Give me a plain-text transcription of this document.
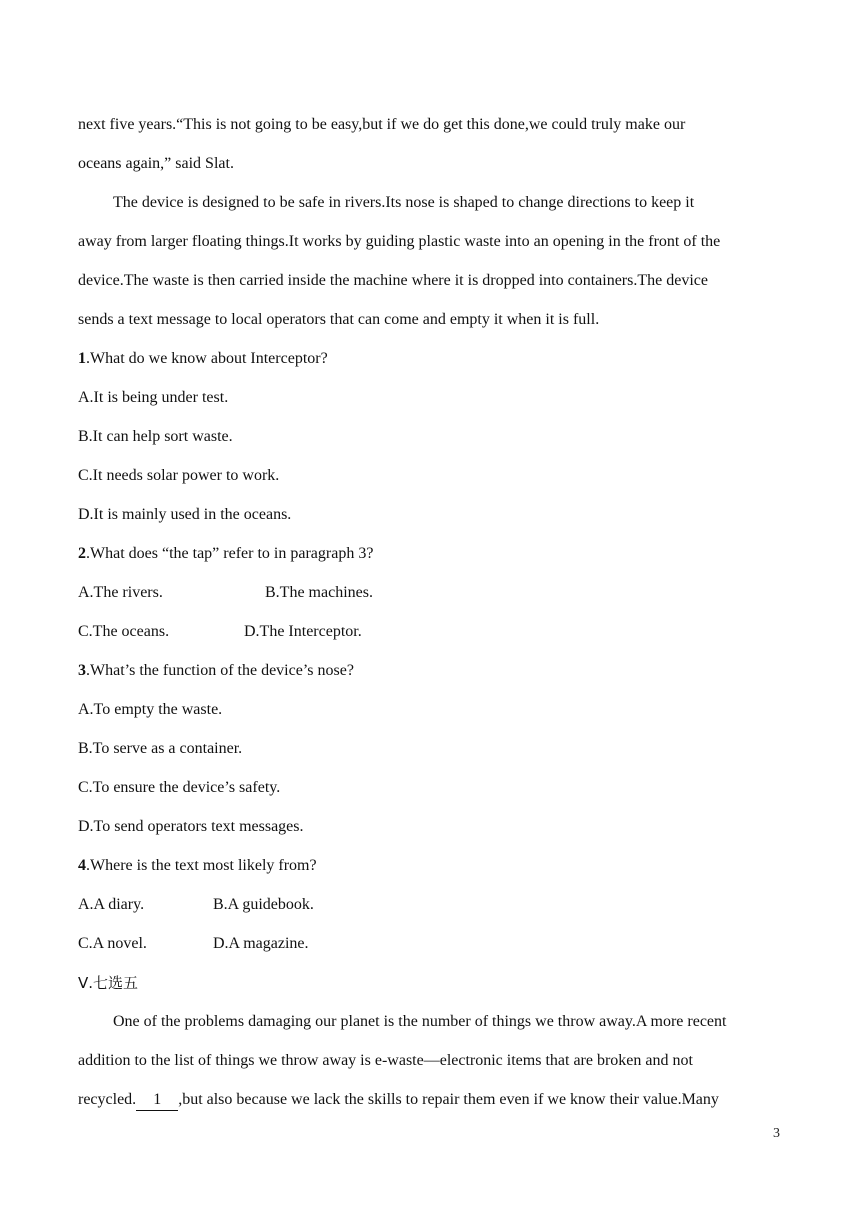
next five years.“This is not going to be easy,but if we do get this done,we could truly make our
oceans again,” said Slat.
The device is designed to be safe in rivers.Its nose is shaped to change directions to keep it
away from larger floating things.It works by guiding plastic waste into an opening in the front of the
device.The waste is then carried inside the machine where it is dropped into containers.The device
sends a text message to local operators that can come and empty it when it is full.
1.What do we know about Interceptor?
A.It is being under test.
B.It can help sort waste.
C.It needs solar power to work.
D.It is mainly used in the oceans.
2.What does “the tap” refer to in paragraph 3?
A.The rivers.	B.The machines.
C.The oceans.	D.The Interceptor.
3.What’s the function of the device’s nose?
A.To empty the waste.
B.To serve as a container.
C.To ensure the device’s safety.
D.To send operators text messages.
4.Where is the text most likely from?
A.A diary.	B.A guidebook.
C.A novel.	D.A magazine.
Ⅴ.七选五
One of the problems damaging our planet is the number of things we throw away.A more recent
addition to the list of things we throw away is e-waste—electronic items that are broken and not
recycled. 1 ,but also because we lack the skills to repair them even if we know their value.Many
3
